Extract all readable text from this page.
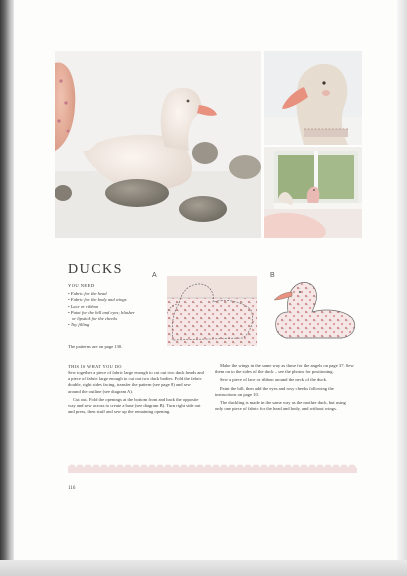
DUCKS
YOU NEED
• Fabric for the head
• Fabric for the body and wings
• Lace or ribbon
• Paint for the bill and eyes; blusher
or lipstick for the cheeks
• Toy filling
The patterns are on page 130.
A	B
THIS IS WHAT YOU DO

Sew together a piece of fabric large enough to cut out two duck heads and a piece of fabric large enough to cut out two duck bodies. Fold the fabric double, right sides facing, transfer the pattern (see page 8) and sew around the outline (see diagram A).

Cut out. Fold the openings at the bottom front and back the opposite way and sew across to create a base (see diagram B). Turn right side out and press, then stuff and sew up the remaining opening.

Make the wings in the same way as those for the angels on page 37. Sew them on to the sides of the duck – see the photos for positioning.

Sew a piece of lace or ribbon around the neck of the duck.

Paint the bill, then add the eyes and rosy cheeks following the instructions on page 10.

The duckling is made in the same way as the mother duck, but using only one piece of fabric for the head and body, and without wings.

116
